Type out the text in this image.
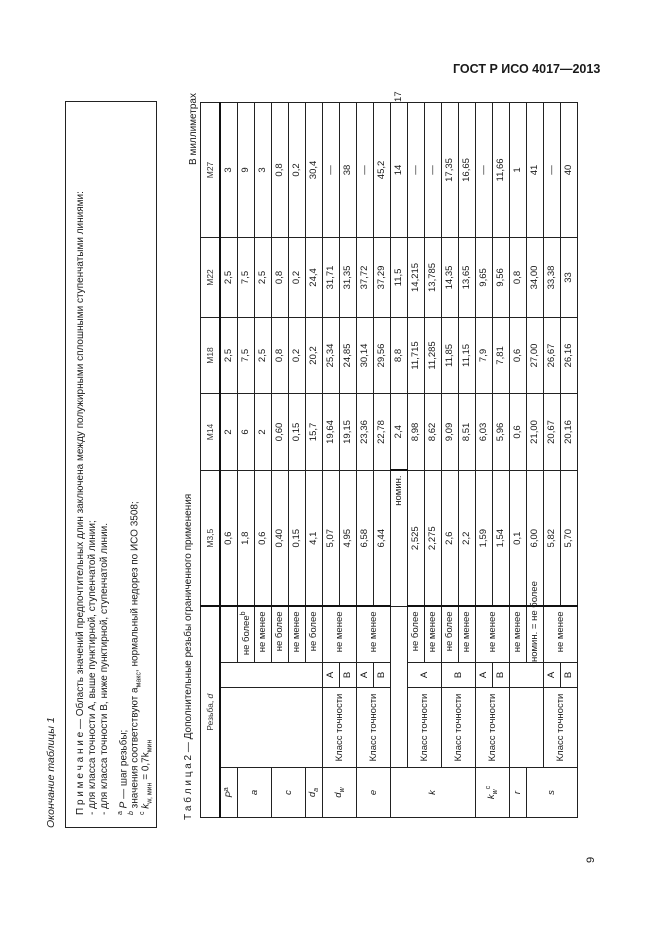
Окончание таблицы 1 П р и м е ч а н и е — Область значений предпочтительных длин заключена между полужирными сплошными ступенчатыми линиями: - для класса точности А, выше пунктирной, ступенчатой линии; - для класса точности В, ниже пунктирной, ступенчатой линии. $^a$ P — шаг резьбы;
$^b$ значения соответствуют $a_{макс}$, нормальный недорез по ИСО 3508;
$^c$ $k_{w, мин} = 0,7k_{мин}$	Т а б л и ц а 2 — Дополнительные резьбы ограниченного применения
В миллиметрах
Резьба, d				M3,5	M14	M18	M22	M27	
$P^a$				0,6	2	2,5	2,5	3	
a			не более$^b$	1,8	6	7,5	7,5	9	
			не менее	0,6	2	2,5	2,5	3	
c			не более	0,40	0,60	0,8	0,8	0,8	
			не менее	0,15	0,15	0,2	0,2	0,2	
$d_a$			не более	4,1	15,7	20,2	24,4	30,4	
$d_w$	Класс точности	A	не менее	5,07	19,64	25,34	31,71	—	
		B		4,95	19,15	24,85	31,35	38	
e	Класс точности	A	не менее	6,58	23,36	30,14	37,72	—	
		B		6,44	22,78	29,56	37,29	45,2	
k				номин.	2,4	8,8	11,5	14	17
	Класс точности	A	не более	2,525	8,98	11,715	14,215	—	
			не менее	2,275	8,62	11,285	13,785	—	
	Класс точности	B	не более	2,6	9,09	11,85	14,35	17,35	
			не менее	2,2	8,51	11,15	13,65	16,65	
$k_w^c$	Класс точности	A	не менее	1,59	6,03	7,9	9,65	—	
		B		1,54	5,96	7,81	9,56	11,66	
r			не менее	0,1	0,6	0,6	0,8	1	
s			номин. = не более	6,00	21,00	27,00	34,00	41	
	Класс точности	A	не менее	5,82	20,67	26,67	33,38	—	
		B		5,70	20,16	26,16	33	40	
9
ГОСТ Р ИСО 4017—2013
